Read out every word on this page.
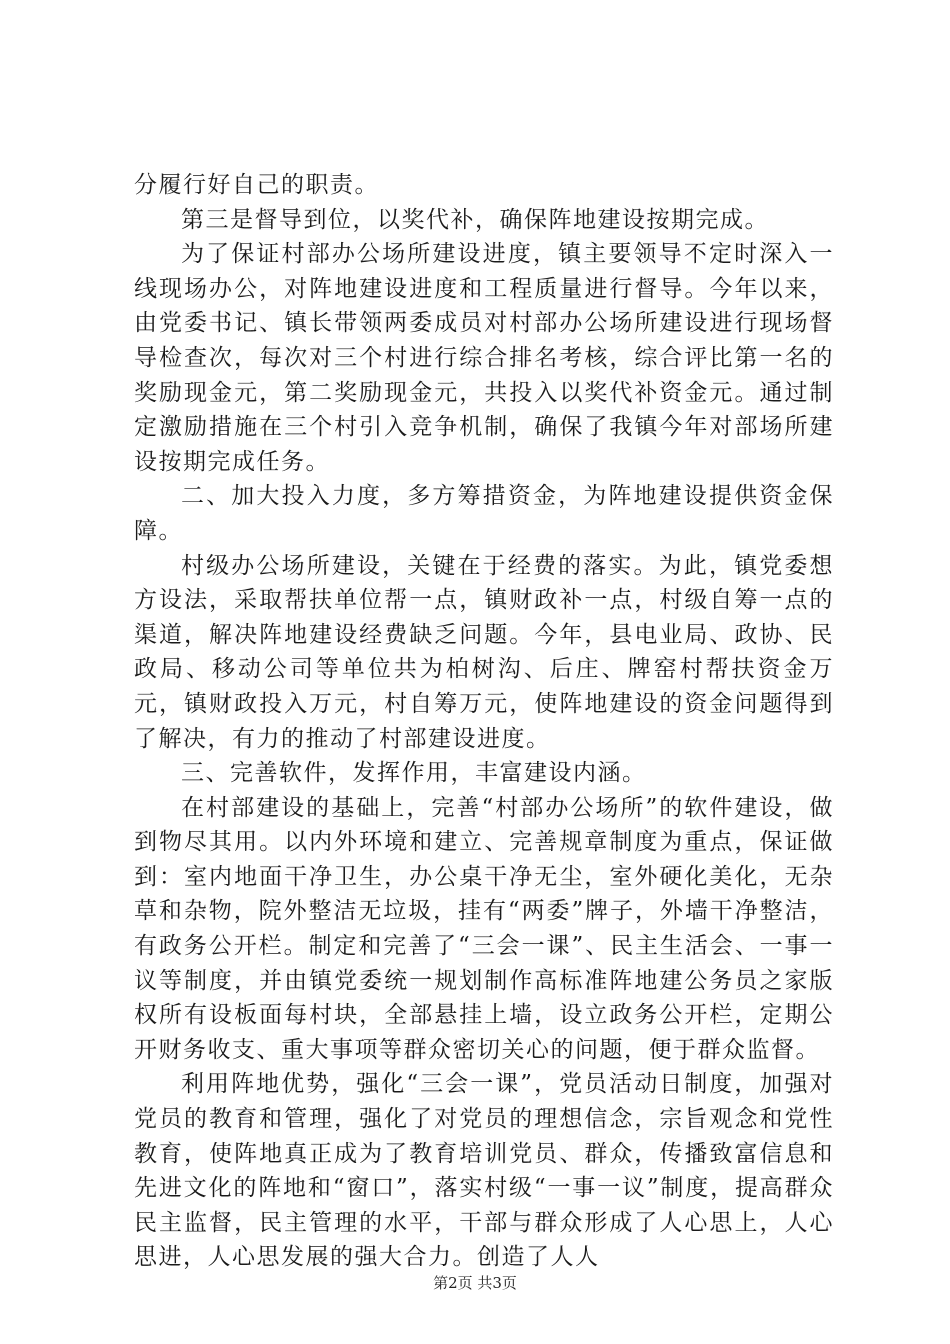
分履行好自己的职责。

第三是督导到位，以奖代补，确保阵地建设按期完成。

为了保证村部办公场所建设进度，镇主要领导不定时深入一线现场办公，对阵地建设进度和工程质量进行督导。今年以来，由党委书记、镇长带领两委成员对村部办公场所建设进行现场督导检查次，每次对三个村进行综合排名考核，综合评比第一名的奖励现金元，第二奖励现金元，共投入以奖代补资金元。通过制定激励措施在三个村引入竞争机制，确保了我镇今年对部场所建设按期完成任务。

二、加大投入力度，多方筹措资金，为阵地建设提供资金保障。

村级办公场所建设，关键在于经费的落实。为此，镇党委想方设法，采取帮扶单位帮一点，镇财政补一点，村级自筹一点的渠道，解决阵地建设经费缺乏问题。今年，县电业局、政协、民政局、移动公司等单位共为柏树沟、后庄、牌窑村帮扶资金万元，镇财政投入万元，村自筹万元，使阵地建设的资金问题得到了解决，有力的推动了村部建设进度。

三、完善软件，发挥作用，丰富建设内涵。

在村部建设的基础上，完善“村部办公场所”的软件建设，做到物尽其用。以内外环境和建立、完善规章制度为重点，保证做到：室内地面干净卫生，办公桌干净无尘，室外硬化美化，无杂草和杂物，院外整洁无垃圾，挂有“两委”牌子，外墙干净整洁，有政务公开栏。制定和完善了“三会一课”、民主生活会、一事一议等制度，并由镇党委统一规划制作高标准阵地建公务员之家版权所有设板面每村块，全部悬挂上墙，设立政务公开栏，定期公开财务收支、重大事项等群众密切关心的问题，便于群众监督。

利用阵地优势，强化“三会一课”，党员活动日制度，加强对党员的教育和管理，强化了对党员的理想信念，宗旨观念和党性教育，使阵地真正成为了教育培训党员、群众，传播致富信息和先进文化的阵地和“窗口”，落实村级“一事一议”制度，提高群众民主监督，民主管理的水平，干部与群众形成了人心思上，人心思进，人心思发展的强大合力。创造了人人

第2页 共3页
